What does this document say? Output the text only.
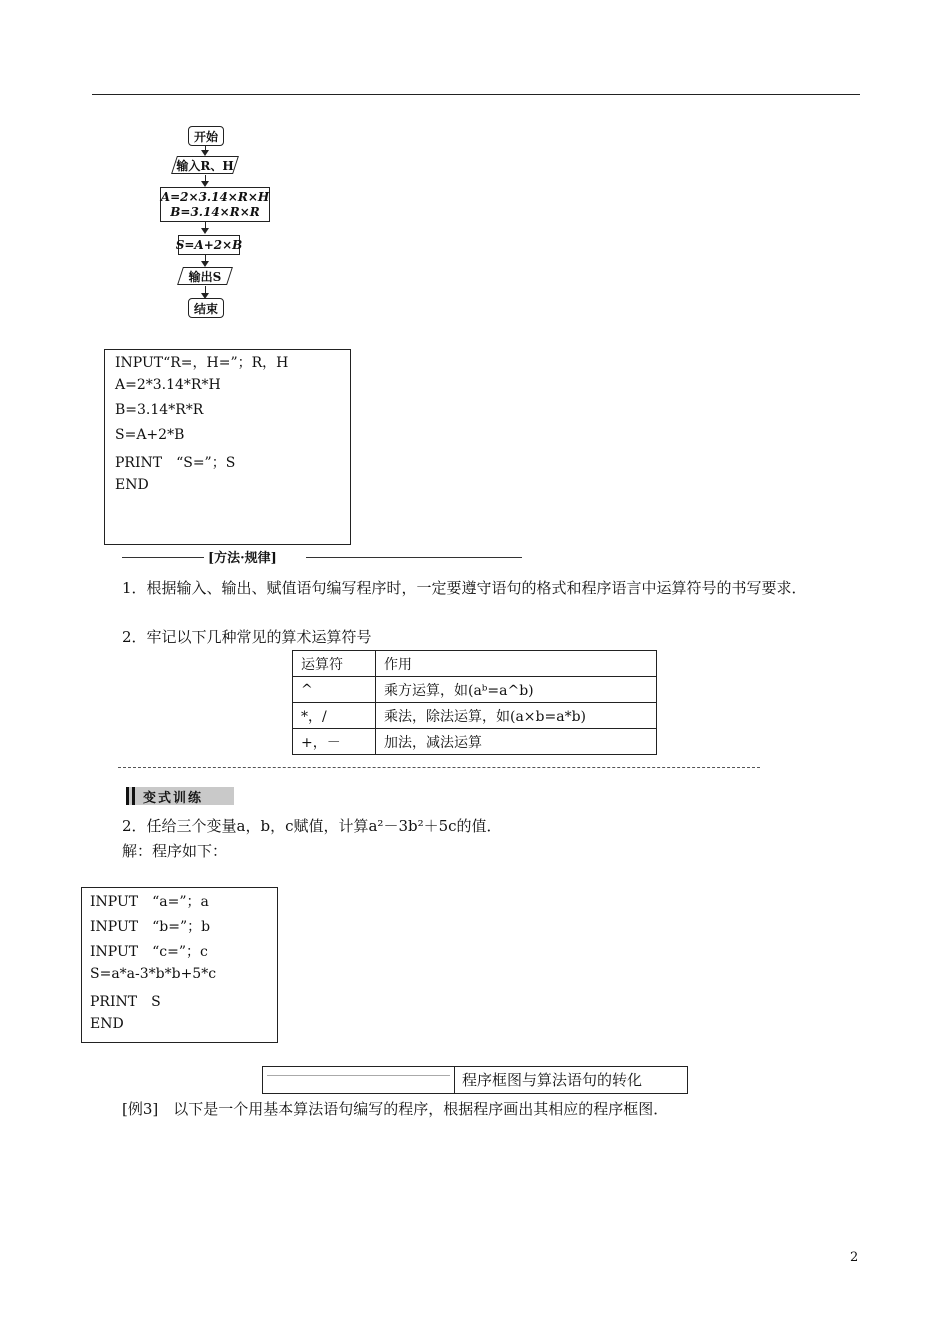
开始
输入R、H
A=2×3.14×R×H
B=3.14×R×R
S=A+2×B
输出S
结束
INPUT“R=，H=”；R，H
A=2*3.14*R*H
B=3.14*R*R
S=A+2*B
PRINT　“S=”；S
END
[方法·规律]
1．根据输入、输出、赋值语句编写程序时，一定要遵守语句的格式和程序语言中运算符号的书写要求．
2．牢记以下几种常见的算术运算符号
运算符	作用
^	乘方运算，如(aᵇ=a^b)
*，/	乘法，除法运算，如(a×b=a*b)
+，－	加法，减法运算
变式训练
2．任给三个变量a，b，c赋值，计算a²－3b²＋5c的值．
解：程序如下：
INPUT　“a=”；a
INPUT　“b=”；b
INPUT　“c=”；c
S=a*a-3*b*b+5*c
PRINT　S
END
程序框图与算法语句的转化
[例3]　以下是一个用基本算法语句编写的程序，根据程序画出其相应的程序框图．
2
